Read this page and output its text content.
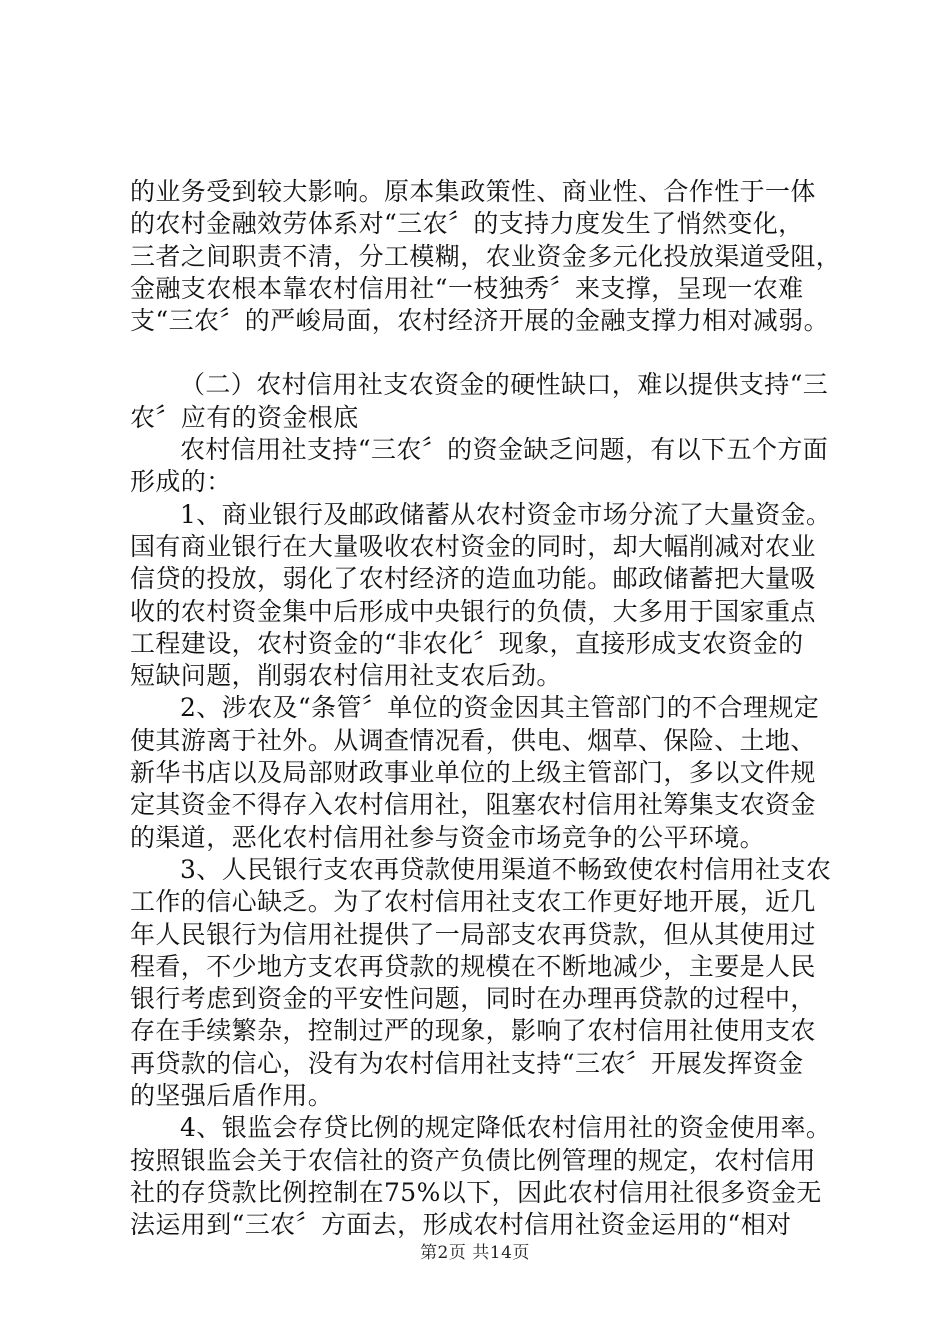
的业务受到较大影响。原本集政策性、商业性、合作性于一体
的农村金融效劳体系对“三农〞的支持力度发生了悄然变化，
三者之间职责不清，分工模糊，农业资金多元化投放渠道受阻，
金融支农根本靠农村信用社“一枝独秀〞来支撑，呈现一农难
支“三农〞的严峻局面，农村经济开展的金融支撑力相对减弱。
（二）农村信用社支农资金的硬性缺口，难以提供支持“三
农〞应有的资金根底
农村信用社支持“三农〞的资金缺乏问题，有以下五个方面
形成的：
1、商业银行及邮政储蓄从农村资金市场分流了大量资金。
国有商业银行在大量吸收农村资金的同时，却大幅削减对农业
信贷的投放，弱化了农村经济的造血功能。邮政储蓄把大量吸
收的农村资金集中后形成中央银行的负债，大多用于国家重点
工程建设，农村资金的“非农化〞现象，直接形成支农资金的
短缺问题，削弱农村信用社支农后劲。
2、涉农及“条管〞单位的资金因其主管部门的不合理规定
使其游离于社外。从调查情况看，供电、烟草、保险、土地、
新华书店以及局部财政事业单位的上级主管部门，多以文件规
定其资金不得存入农村信用社，阻塞农村信用社筹集支农资金
的渠道，恶化农村信用社参与资金市场竞争的公平环境。
3、人民银行支农再贷款使用渠道不畅致使农村信用社支农
工作的信心缺乏。为了农村信用社支农工作更好地开展，近几
年人民银行为信用社提供了一局部支农再贷款，但从其使用过
程看，不少地方支农再贷款的规模在不断地减少，主要是人民
银行考虑到资金的平安性问题，同时在办理再贷款的过程中，
存在手续繁杂，控制过严的现象，影响了农村信用社使用支农
再贷款的信心，没有为农村信用社支持“三农〞开展发挥资金
的坚强后盾作用。
4、银监会存贷比例的规定降低农村信用社的资金使用率。
按照银监会关于农信社的资产负债比例管理的规定，农村信用
社的存贷款比例控制在75%以下，因此农村信用社很多资金无
法运用到“三农〞方面去，形成农村信用社资金运用的“相对
第2页 共14页
